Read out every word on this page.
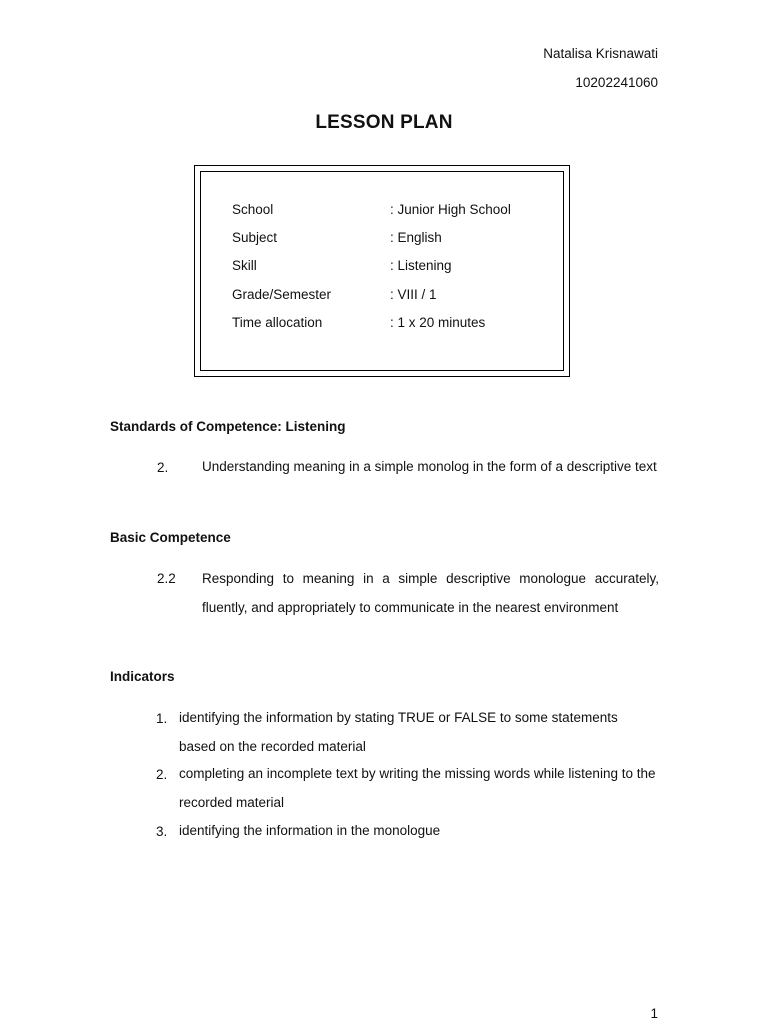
Natalisa Krisnawati
10202241060
LESSON PLAN
School	: Junior High School
Subject	: English
Skill	: Listening
Grade/Semester	: VIII / 1
Time allocation	: 1 x 20 minutes
Standards of Competence: Listening
2. Understanding meaning in a simple monolog in the form of a descriptive text
Basic Competence
2.2 Responding to meaning in a simple descriptive monologue accurately, fluently, and appropriately to communicate in the nearest environment
Indicators
1. identifying the information by stating TRUE or FALSE to some statements based on the recorded material
2. completing an incomplete text by writing the missing words while listening to the recorded material
3. identifying the information in the monologue
1
